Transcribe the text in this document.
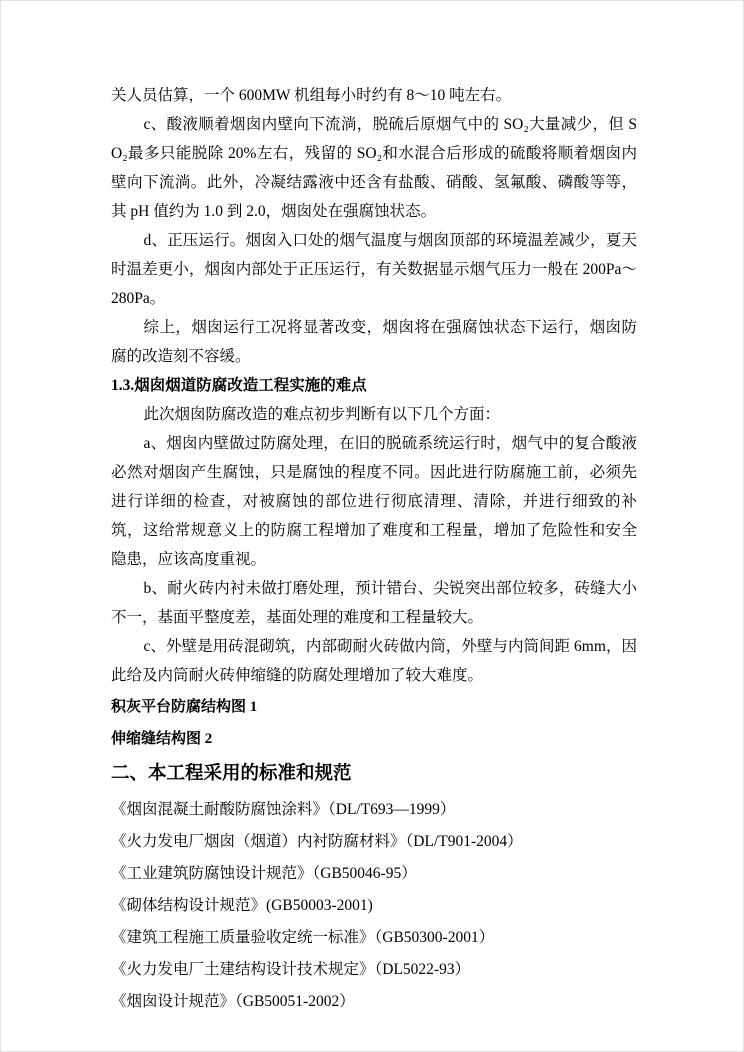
关人员估算，一个 600MW 机组每小时约有 8～10 吨左右。

c、酸液顺着烟囱内壁向下流淌，脱硫后原烟气中的 SO₂大量减少，但 SO₂最多只能脱除 20%左右，残留的 SO₂和水混合后形成的硫酸将顺着烟囱内壁向下流淌。此外，冷凝结露液中还含有盐酸、硝酸、氢氟酸、磷酸等等，其 pH 值约为 1.0 到 2.0，烟囱处在强腐蚀状态。

d、正压运行。烟囱入口处的烟气温度与烟囱顶部的环境温差减少，夏天时温差更小，烟囱内部处于正压运行，有关数据显示烟气压力一般在 200Pa～280Pa。

综上，烟囱运行工况将显著改变，烟囱将在强腐蚀状态下运行，烟囱防腐的改造刻不容缓。

1.3.烟囱烟道防腐改造工程实施的难点

此次烟囱防腐改造的难点初步判断有以下几个方面：

a、烟囱内壁做过防腐处理，在旧的脱硫系统运行时，烟气中的复合酸液必然对烟囱产生腐蚀，只是腐蚀的程度不同。因此进行防腐施工前，必须先进行详细的检查，对被腐蚀的部位进行彻底清理、清除，并进行细致的补筑，这给常规意义上的防腐工程增加了难度和工程量，增加了危险性和安全隐患，应该高度重视。

b、耐火砖内衬未做打磨处理，预计错台、尖锐突出部位较多，砖缝大小不一，基面平整度差，基面处理的难度和工程量较大。

c、外壁是用砖混砌筑，内部砌耐火砖做内筒，外壁与内筒间距 6mm，因此给及内筒耐火砖伸缩缝的防腐处理增加了较大难度。

积灰平台防腐结构图 1

伸缩缝结构图 2

二、本工程采用的标准和规范

《烟囱混凝土耐酸防腐蚀涂料》（DL/T693—1999）

《火力发电厂烟囱（烟道）内衬防腐材料》（DL/T901-2004）

《工业建筑防腐蚀设计规范》（GB50046-95）

《砌体结构设计规范》(GB50003-2001)

《建筑工程施工质量验收定统一标准》（GB50300-2001）

《火力发电厂土建结构设计技术规定》（DL5022-93）

《烟囱设计规范》（GB50051-2002）
